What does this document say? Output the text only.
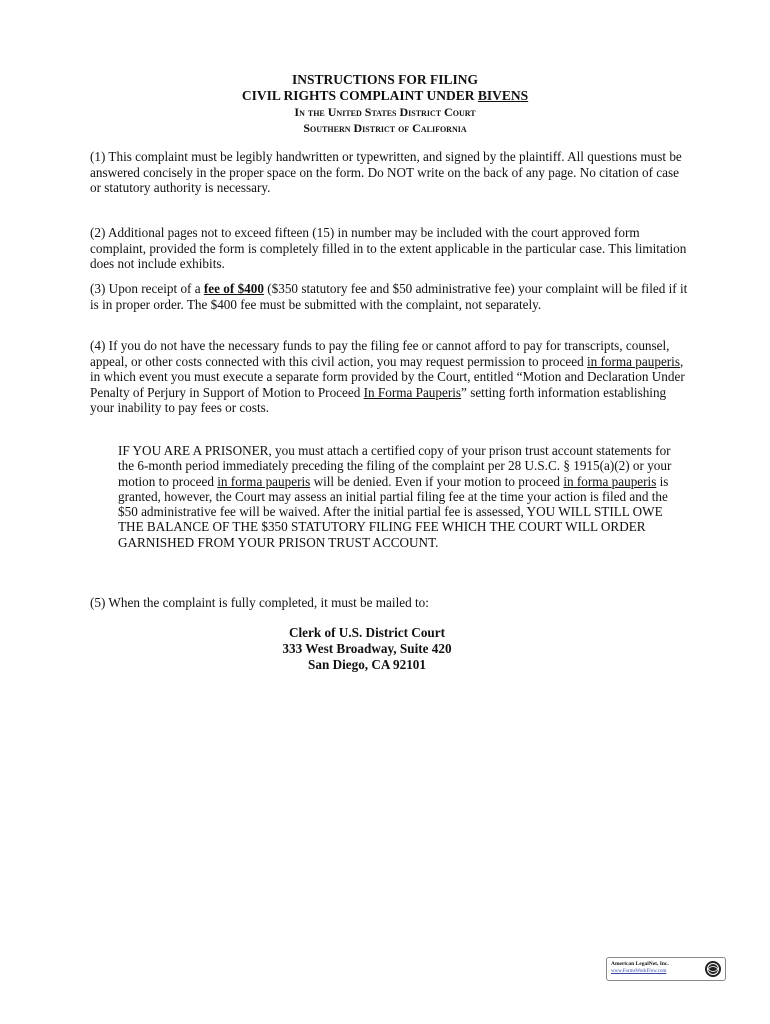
INSTRUCTIONS FOR FILING
CIVIL RIGHTS COMPLAINT UNDER BIVENS
In the United States District Court
Southern District of California

(1) This complaint must be legibly handwritten or typewritten, and signed by the plaintiff. All questions must be answered concisely in the proper space on the form. Do NOT write on the back of any page. No citation of case or statutory authority is necessary.

(2) Additional pages not to exceed fifteen (15) in number may be included with the court approved form complaint, provided the form is completely filled in to the extent applicable in the particular case. This limitation does not include exhibits.

(3) Upon receipt of a fee of $400 ($350 statutory fee and $50 administrative fee) your complaint will be filed if it is in proper order. The $400 fee must be submitted with the complaint, not separately.

(4) If you do not have the necessary funds to pay the filing fee or cannot afford to pay for transcripts, counsel, appeal, or other costs connected with this civil action, you may request permission to proceed in forma pauperis, in which event you must execute a separate form provided by the Court, entitled “Motion and Declaration Under Penalty of Perjury in Support of Motion to Proceed In Forma Pauperis” setting forth information establishing your inability to pay fees or costs.

IF YOU ARE A PRISONER, you must attach a certified copy of your prison trust account statements for the 6-month period immediately preceding the filing of the complaint per 28 U.S.C. § 1915(a)(2) or your motion to proceed in forma pauperis will be denied. Even if your motion to proceed in forma pauperis is granted, however, the Court may assess an initial partial filing fee at the time your action is filed and the $50 administrative fee will be waived. After the initial partial fee is assessed, YOU WILL STILL OWE THE BALANCE OF THE $350 STATUTORY FILING FEE WHICH THE COURT WILL ORDER GARNISHED FROM YOUR PRISON TRUST ACCOUNT.

(5) When the complaint is fully completed, it must be mailed to:

Clerk of U.S. District Court
333 West Broadway, Suite 420
San Diego, CA 92101
American LegalNet, Inc.
www.FormsWorkFlow.com
